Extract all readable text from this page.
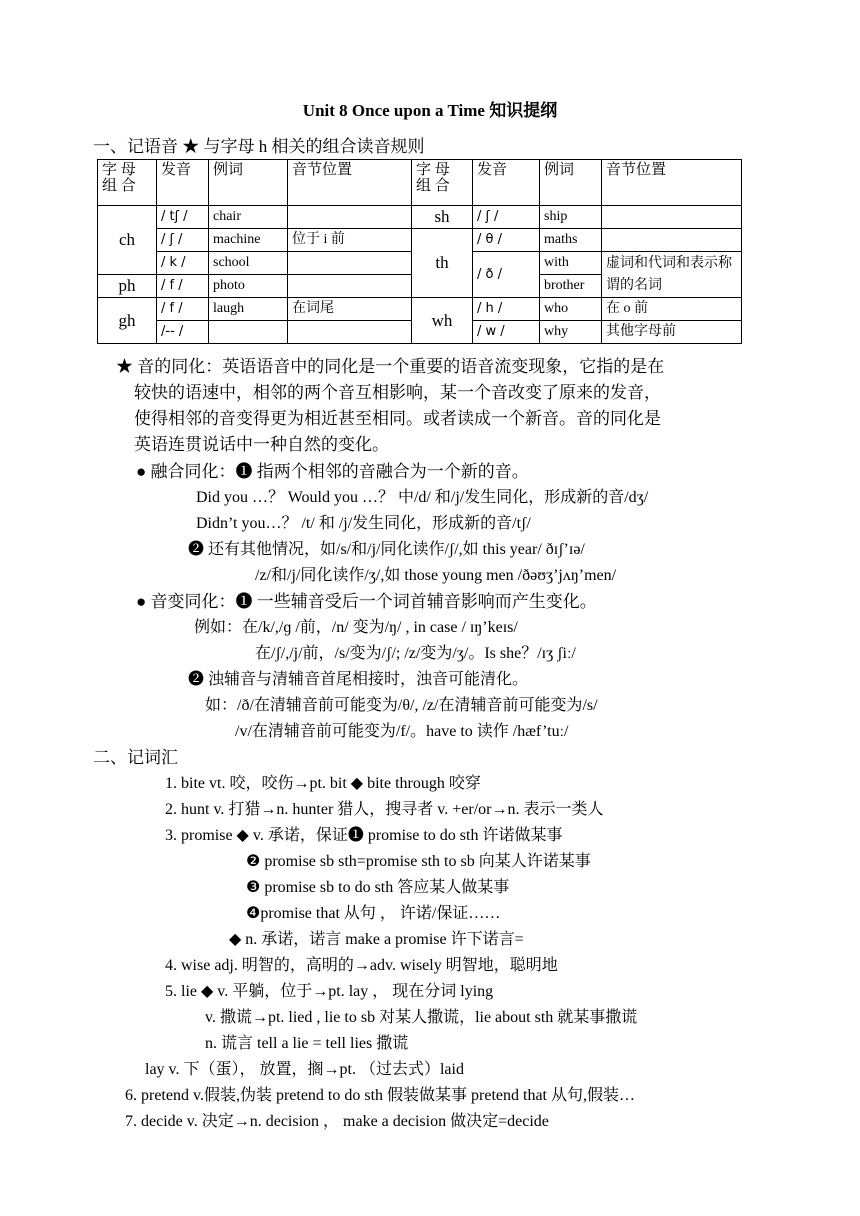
Unit 8 Once upon a Time 知识提纲
一、记语音 ★ 与字母 h 相关的组合读音规则
字 母 组 合	发音	例词	音节位置	字 母 组 合	发音	例词	音节位置
ch	/ tʃ /	chair		sh	/ ʃ /	ship	
	/ ʃ /	machine	位于 i 前	th	/ θ /	maths	
	/ k /	school			/ ð /	with	虚词和代词和表示称谓的名词
ph	/ f /	photo				brother	
gh	/ f /	laugh	在词尾	wh	/ h /	who	在 o 前
	/-- /				/ w /	why	其他字母前
★ 音的同化：英语语音中的同化是一个重要的语音流变现象，它指的是在
较快的语速中，相邻的两个音互相影响，某一个音改变了原来的发音，
使得相邻的音变得更为相近甚至相同。或者读成一个新音。音的同化是
英语连贯说话中一种自然的变化。
● 融合同化：❶ 指两个相邻的音融合为一个新的音。
Did you …？ Would you …？ 中/d/ 和/j/发生同化，形成新的音/dʒ/
Didn’t you…？ /t/ 和 /j/发生同化，形成新的音/tʃ/
❷ 还有其他情况，如/s/和/j/同化读作/ʃ/,如 this year/ ðɪʃ’ɪə/
/z/和/j/同化读作/ʒ/,如 those young men /ðəʊʒ’jʌŋ’men/
● 音变同化：❶ 一些辅音受后一个词首辅音影响而产生变化。
例如：在/k/,/ɡ /前，/n/ 变为/ŋ/ , in case / ɪŋ’keɪs/
在/ʃ/,/j/前，/s/变为/ʃ/; /z/变为/ʒ/。Is she？/ɪʒ ʃiː/
❷ 浊辅音与清辅音首尾相接时，浊音可能清化。
如：/ð/在清辅音前可能变为/θ/, /z/在清辅音前可能变为/s/
/v/在清辅音前可能变为/f/。have to 读作 /hæf’tuː/
二、记词汇
1. bite vt. 咬，咬伤→pt. bit ◆ bite through 咬穿
2. hunt v. 打猎→n. hunter 猎人，搜寻者 v. +er/or→n. 表示一类人
3. promise ◆ v. 承诺，保证❶ promise to do sth 许诺做某事
❷ promise sb sth=promise sth to sb 向某人许诺某事
❸ promise sb to do sth 答应某人做某事
❹promise that 从句 ， 许诺/保证……
◆ n. 承诺，诺言 make a promise 许下诺言=
4. wise adj. 明智的，高明的→adv. wisely 明智地，聪明地
5. lie ◆ v. 平躺，位于→pt. lay ， 现在分词 lying
v. 撒谎→pt. lied , lie to sb 对某人撒谎，lie about sth 就某事撒谎
n. 谎言 tell a lie = tell lies 撒谎
lay v. 下（蛋）， 放置，搁→pt. （过去式）laid
6. pretend v.假装,伪装 pretend to do sth 假装做某事 pretend that 从句,假装…
7. decide v. 决定→n. decision ， make a decision 做决定=decide
